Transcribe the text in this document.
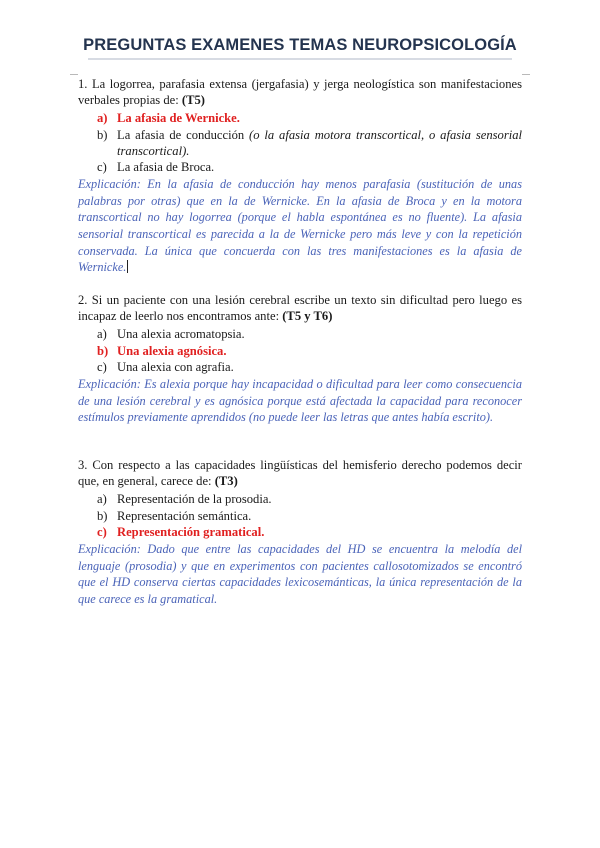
PREGUNTAS EXAMENES TEMAS NEUROPSICOLOGÍA
1. La logorrea, parafasia extensa (jergafasia) y jerga neologística son manifestaciones verbales propias de: (T5)
a) La afasia de Wernicke.
b) La afasia de conducción (o la afasia motora transcortical, o afasia sensorial transcortical).
c) La afasia de Broca.
Explicación: En la afasia de conducción hay menos parafasia (sustitución de unas palabras por otras) que en la de Wernicke. En la afasia de Broca y en la motora transcortical no hay logorrea (porque el habla espontánea es no fluente). La afasia sensorial transcortical es parecida a la de Wernicke pero más leve y con la repetición conservada. La única que concuerda con las tres manifestaciones es la afasia de Wernicke.
2. Si un paciente con una lesión cerebral escribe un texto sin dificultad pero luego es incapaz de leerlo nos encontramos ante: (T5 y T6)
a) Una alexia acromatopsia.
b) Una alexia agnósica.
c) Una alexia con agrafia.
Explicación: Es alexia porque hay incapacidad o dificultad para leer como consecuencia de una lesión cerebral y es agnósica porque está afectada la capacidad para reconocer estímulos previamente aprendidos (no puede leer las letras que antes había escrito).
3. Con respecto a las capacidades lingüísticas del hemisferio derecho podemos decir que, en general, carece de: (T3)
a) Representación de la prosodia.
b) Representación semántica.
c) Representación gramatical.
Explicación: Dado que entre las capacidades del HD se encuentra la melodía del lenguaje (prosodia) y que en experimentos con pacientes callosotomizados se encontró que el HD conserva ciertas capacidades lexicosemánticas, la única representación de la que carece es la gramatical.
